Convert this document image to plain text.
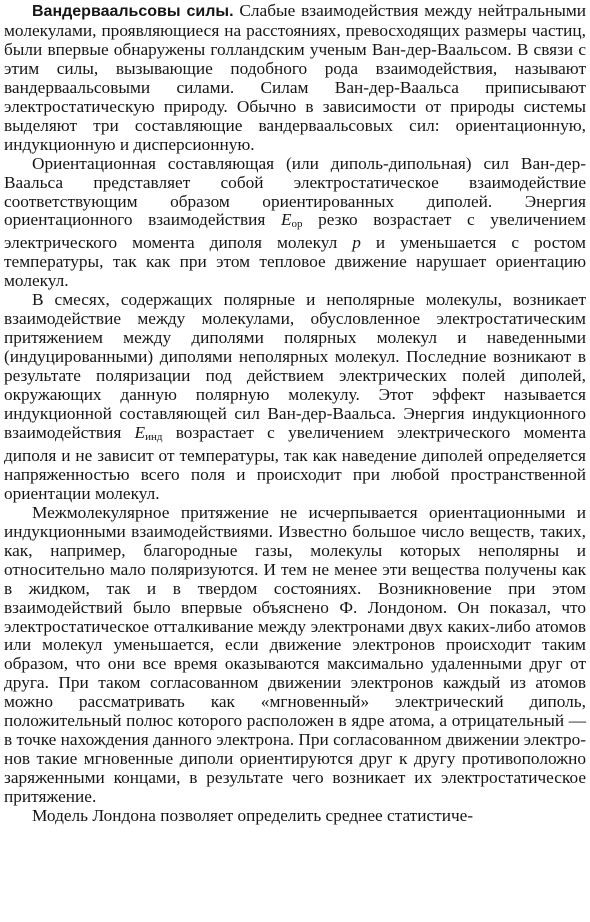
Вандерваальсовы силы. Слабые взаимодействия между нейтральными молекулами, проявляющиеся на расстояниях, превосходящих размеры частиц, были впервые обнаружены голландским ученым Ван-дер-Ваальсом. В связи с этим силы, вызывающие подобного рода взаимодействия, называют вандерваальсовыми силами. Силам Ван-дер-Ваальса приписывают электростатическую природу. Обычно в зависимости от природы системы выделяют три составляющие вандерваальсовых сил: ориентационную, индукционную и дисперсионную.

Ориентационная составляющая (или диполь-дипольная) сил Ван-дер-Ваальса представляет собой электростатическое взаимодействие соответствующим образом ориентированных диполей. Энергия ориентационного взаимодействия Eор резко возрастает с увеличением электрического момента диполя молекул p и уменьшается с ростом температуры, так как при этом тепловое движение нарушает ориентацию молекул.

В смесях, содержащих полярные и неполярные молекулы, возникает взаимодействие между молекулами, обусловленное электростатическим притяжением между диполями полярных молекул и наведенными (индуцированными) диполями неполярных молекул. Последние возникают в результате поляризации под действием электрических полей диполей, окружающих данную полярную молекулу. Этот эффект называется индукционной составляющей сил Ван-дер-Ваальса. Энергия индукционного взаимодействия Eинд возрастает с увеличением электрического момента диполя и не зависит от температуры, так как наведение диполей определяется напряженностью всего поля и происходит при любой пространственной ориентации молекул.

Межмолекулярное притяжение не исчерпывается ориентационными и индукционными взаимодействиями. Известно большое число веществ, таких, как, например, благородные газы, молекулы которых неполярны и относительно мало поляризуются. И тем не менее эти вещества получены как в жидком, так и в твердом состояниях. Возникновение при этом взаимодействий было впервые объяснено Ф. Лондоном. Он показал, что электростатическое отталкивание между электронами двух каких-либо атомов или молекул уменьшается, если движение электронов происходит таким образом, что они все время оказываются максимально удаленными друг от друга. При таком согласованном движении электронов каждый из атомов можно рассматривать как «мгновенный» электрический диполь, положительный полюс которого расположен в ядре атома, а отрицательный — в точке нахождения данного электрона. При согласованном движении электронов такие мгновенные диполи ориентируются друг к другу противоположно заряженными концами, в результате чего возникает их электростатическое притяжение.

Модель Лондона позволяет определить среднее статистиче-
